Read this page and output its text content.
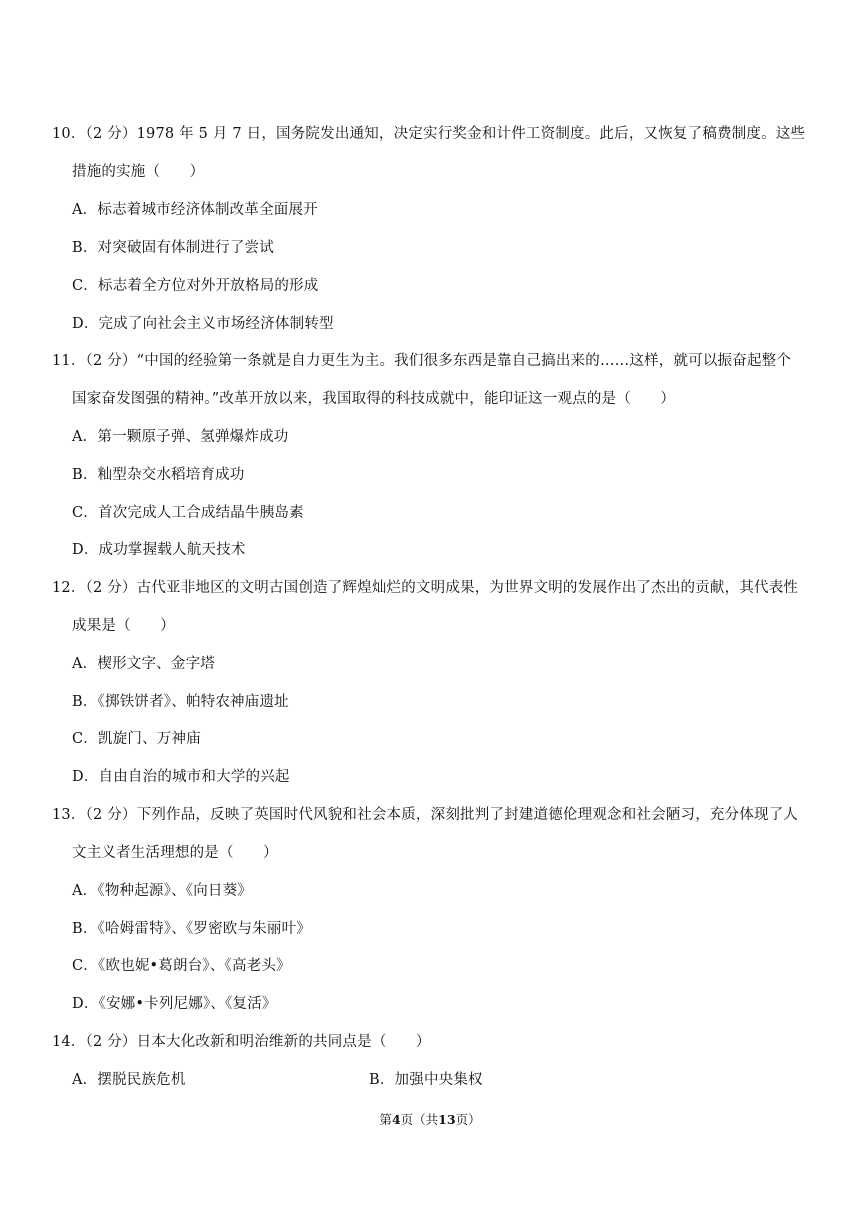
10．（2 分）1978 年 5 月 7 日，国务院发出通知，决定实行奖金和计件工资制度。此后，又恢复了稿费制度。这些
措施的实施（　　）
A．标志着城市经济体制改革全面展开
B．对突破固有体制进行了尝试
C．标志着全方位对外开放格局的形成
D．完成了向社会主义市场经济体制转型
11．（2 分）“中国的经验第一条就是自力更生为主。我们很多东西是靠自己搞出来的……这样，就可以振奋起整个
国家奋发图强的精神。”改革开放以来，我国取得的科技成就中，能印证这一观点的是（　　）
A．第一颗原子弹、氢弹爆炸成功
B．籼型杂交水稻培育成功
C．首次完成人工合成结晶牛胰岛素
D．成功掌握载人航天技术
12．（2 分）古代亚非地区的文明古国创造了辉煌灿烂的文明成果，为世界文明的发展作出了杰出的贡献，其代表性
成果是（　　）
A．楔形文字、金字塔
B．《掷铁饼者》、帕特农神庙遗址
C．凯旋门、万神庙
D．自由自治的城市和大学的兴起
13．（2 分）下列作品，反映了英国时代风貌和社会本质，深刻批判了封建道德伦理观念和社会陋习，充分体现了人
文主义者生活理想的是（　　）
A．《物种起源》、《向日葵》
B．《哈姆雷特》、《罗密欧与朱丽叶》
C．《欧也妮•葛朗台》、《高老头》
D．《安娜•卡列尼娜》、《复活》
14．（2 分）日本大化改新和明治维新的共同点是（　　）
A．摆脱民族危机	B．加强中央集权
第4页（共13页）
